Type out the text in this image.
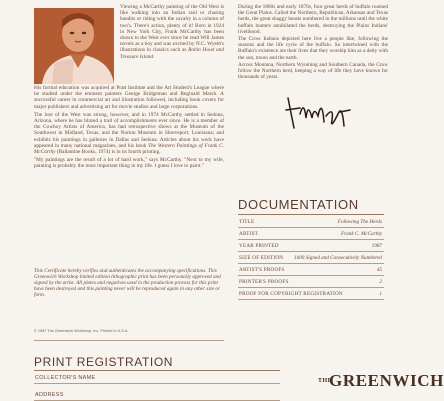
Viewing a McCarthy painting of the Old West is like walking into an Indian raid or chasing bandits or riding with the cavalry in a column of two's. There's action, plenty of it! Born in 1924 in New York City, Frank McCarthy has been drawn to the West ever since he read Will James novels as a boy and was excited by N.C. Wyeth's illustrations in classics such as Robin Hood and Treasure Island.

His formal education was acquired at Pratt Institute and the Art Student's League where he studied under the eminent painters George Bridgeman and Reginald Marsh. A successful career in commercial art and illustration followed, including book covers for major publishers and advertising art for movie studios and large corporations.

The lure of the West was strong, however, and in 1974 McCarthy settled in Sedona, Arizona, where he has blazed a trail of accomplishments ever since. He is a member of the Cowboy Artists of America, has had retrospective shows at the Museum of the Southwest in Midland, Texas, and the Norton Museum in Shreveport, Louisiana; and exhibits his paintings in galleries in Dallas and Sedona. Articles about his work have appeared in many national magazines, and his book The Western Paintings of Frank C. McCarthy (Ballantine Books, 1974) is in its fourth printing.

"My paintings are the result of a lot of hard work," says McCarthy. "Next to my wife, painting is probably the most important thing in my life. I guess I love to paint."

During the 1860s and early 1870s, four great herds of buffalo roamed the Great Plains. Called the Northern, Republican, Arkansas and Texas herds, the great shaggy beasts numbered in the millions until the white buffalo hunters annihilated the herds, destroying the Plains Indians' livelihood.

The Crow Indians depicted here live a people like, following the seasons and the life cycle of the buffalo. So intertwined with the Buffalo's existence are their lives that they worship him as a deity with the sun, moon and the earth.

Across Montana, Northern Wyoming and Southern Canada, the Crow follow the Northern herd, keeping a way of life they have known for thousands of years.

DOCUMENTATION
TITLE	Following The Herds
ARTIST	Frank C. McCarthy
YEAR PRINTED	1987
SIZE OF EDITION 1000 Signed and Consecutively Numbered
ARTIST'S PROOFS	45
PRINTER'S PROOFS	2
PROOF FOR COPYRIGHT REGISTRATION	1
This Certificate hereby verifies and authenticates the accompanying specifications. This Greenwich Workshop limited edition lithographic print has been personally approved and signed by the artist. All plates and negatives used in the production process for this print have been destroyed and this painting never will be reproduced again in any other size or form.
© 1987 The Greenwich Workshop, Inc. Printed in U.S.A.
PRINT REGISTRATION
COLLECTOR'S NAME
ADDRESS
THE
GREENWICH
